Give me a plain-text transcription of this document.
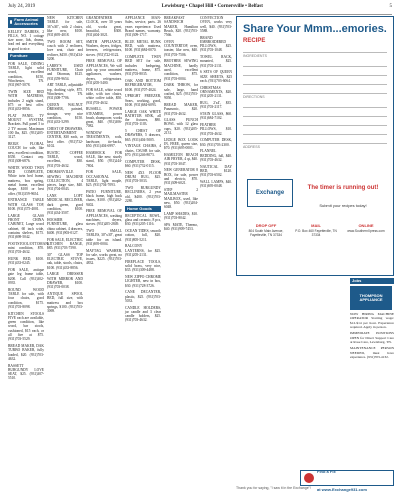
July 24, 2019	Lewisburg • Chapel Hill • Cornersville • Belfast	5
Farm Animal Accessories
KELLEY DAIRIES, 2 FILLS, NO. 1 cottage size zone, lids, drums, lead red and everything in good to nice.
Furniture
FOR SALE, DINING TABLE, light solid wood, excellent condition, $150, Winchester, TN. (931)967-5078.
TWIN SIZE BED WITH MATRESS, includes 2 night stand, $75 or best offer. (931)433-8856.
FLAT PANEL TV MOUNT SYSTEM, Brackets. Full panel 5 to 2 TV mount. Maximum 100 lbs, $25. (931)205-3127.
BEIGE FLORAL COUCH for sale, like new, excellent condition, $350. Contact any. (931)308-6876.
WHITE WOOD TWIN BED COMPLETE, White twin bed frame, mattress, box spring, metal frame, excellent shape, $100 or best offer. (931)359-9654.
ENTRANCE TABLE WITH GLASS TOP, $100. (931)375-4001.
LARGE GLASS FRONT CHINA CABINET, Large wood cabinet, 60 inch wide, contains shelves, $175. (931)698-5042.
FOOTSTOOL/OTTOMAN, mint condition, $70. (931)703-4632.
HUNK BED, $100. (931)433-0245.
FOR SALE, antique gate leg frame table, $200. Call (931)302-0935.
ROUND WOOD TABLE for sale, with four chairs, good condition, $175. (931)703-8098.
KITCHEN STOOLS FIVE each are available, green condition, like wood, bar stools, cushioned, $15 each, or all five at $75. (931)703-5529.
BREAD MAKER, DAK TURBO BAKER, fully loaded, $20. (931)703-4632.
BASSETT BURGUNDY LOVE SEAT, $25. (931)307-5510.
NEW KITCHEN TABLE for sale, 36"x36", with 2 chairs, like new, $100. (931)695-4018.
TWO ROOM SET, couch with 2 recliners, love seat, chair and recliner, $450. (931)434-5200.
LARRY'S USED FURNITURE, Chair and Ottoman, $125. (931)359-9654.
ART TABLE, adjustable top, drafting style, $75. Winchester, TN. (931)308-7706.
QUEEN WALNUT DRESSER, painted, storage, very nice condition, $150. (931)433-5299.
CHEST OF DRAWERS, ENTERTAINMENT CENTER, $30 each, or best offer. (931)732-6102.
RUSTIC COFFEE TABLE, wood, excellent, $30. (931)703-4632.
DROMANVILLE SEWING MACHINE COLLECTION, 4 pieces, large size, $40. (931)704-0043.
LANE LOFT MEDICAL RECLINER, dark green, good condition, $100. (931)434-3507.
HOOSIER FURNITURE, glass china cabinet, 4 drawers, $400. (931)903-0127.
FOR SALE, ELECTRIC KITCHEN RANGE, $85. (931)703-7590.
30" GLASS TOP ELECTRIC STOVE, oak, table, stools, chairs, $100. (931)433-8856.
LARGE DRESSER WITH MIRROR AND DRAWER, $100. (931)703-0038.
ANTIQUE SPOOL BED, full size, with mattress and box springs, $100. (931)703-3069.
GRANDFATHER CLOCK, over 30 years old, works great, beautiful, $300. (931)404-3021.
SMITH APPLIANCE, Washers, dryers, fridges, freezers, refrigerators, stoves. (931)722-0122.
FREE REMOVAL OF APPLIANCES, We will pick up your unwanted appliances, washers, dryers, refrigerators. (931)205-5400.
FOR SALE, white wood table, with two chairs, white coffee table, $50. (931)703-4632.
RUSSELL POWER STEAMER, power brush, shampooer, works great, $40. (931)306-7082.
WINDOW TREATMENTS, rods, hardware, tie-backs, $50. (931)404-6997.
HAMMOCK FOR SALE, like new, sturdy stand, $50. (931)244-7804.
FOR SALE, OCCASIONAL TABLE, light maple, $25. (931)704-7093.
PATIO FURNITURE, black frame, high back chairs, $100. (931)202-9402.
FREE REMOVAL OF APPLIANCES, washing machines, dryers, stoves. (931)205-2849.
TWO SMALL TABLES, 30"x30", great table for an island. (931)695-0004.
MAYTAG WASHER, for sale, works great, no issues, $225. (931)703-4832.
APPLIANCE MAN-Sales, service, parts. 26 years experience. Used Brand names, warranty. (931)309-1717.
BLUE METAL BUNK BED, with mattress, $100. (931)684-0070.
COMPLETE TWIN BED SET for sale, includes bedspring, mattress, frame, $75. (931)703-8035.
OAK AND BOTTOM REFRIGERATOR, $100. (931)707-4024.
UPRIGHT FREEZER, Sears, working, good, $100. (931)684-6093.
LARGE OAK WHITE BATHTUB SINK, all the fixtures, $80. (931)703-1103.
5 CHEST OF DRAWERS, 5 drawers, $65. (931)404-5005.
VINTAGE CHAIRS, 4 chairs, CSUSB for sale, $70. (931)246-8073.
COMPUTER DESK, $60. (931)732-0115.
NEW 4X3 FLOOR DRUM RUG, $25. (931)703-5033.
TWO BURGUNDY RECLINERS, 2 year old, $400. (931)703-2280.
Home Goods
RECEPTICAL BOWL, glass and ceramic, 8 pcs, $30. (931)205-1116.
OCEAN TIDES, smooth cotton, full, $20. (931)805-5211.
BALCONY LANTERNS, for $25. (931)205-2131.
FIREPLACE TOOLS, solid brass, very nice, $35. (931)309-4488.
NEW ZIPPO CHROME LIGHTER, new in box, $30. (931)728-3726.
CANE DECANTER, plastic, $25. (931)703-5033.
CANDLE HOLDERS, jar candle and 3 clear candle holders, $25. (931)703-4632.
BREAKFAST SANDWICH MAKER, Hamilton Beach, $20. (931)703-7566.
OVEN COUNTERTOP, oven, toaster, like new, $40. (931)703-7506.
BROTHER SEWING MACHINE, hardly used, excellent condition, $75. (931)703-0004.
DARK THROW, for sale, large, hand crafted, $25. (931)703-9050.
BREAD MAKER, Panasonic, $20. (931)703-4632.
GLASS PUNCH BOWL with 12 glass cups, $20. (931)205-2131.
LEDGE BOX LOOK IN, FREE, queen size, $70. (931)695-0001.
HAMILTON BEACH AIR FRYER, 4 qt, $40. (931)703-3047.
NEW GENERATOR 8 BOX, for sale, power and electric, $70. (931)309-6021.
STEP 2 MAILMASTER MAILBOX, used, like new, $50. (931)204-6048.
LAMP SHADES, $10. (931)703-8042.
SPA MATE, Thermo, $40. (931)909-7453.
CONVECTION OVEN, works very well, $40. (931)703-5588.
BRAND EMBROIDERED PILLOWS, $25. (931)703-1048.
TOWEL RACK, mounted, $25. (931)703-2131.
6 SETS OF QUEEN SIZE SHEETS, $25 each. (931)703-6064.
CHRISTMAS ORNAMENTS, $20. (931)205-2131.
RUG, 2'x4', $35. (931)703-2117.
STAIN GLASS, $60. (931)684-7102.
FEATHER PILLOWS, $10. (931)703-4632.
COMPUTER DESK, $30. (931)703-2300.
FLANNEL BEDDING, full, $40. (931)703-4632.
NAUTICAL DAY BED, $120. (931)703-6502.
WALL LAMPS, $40. (931)695-0048.
Share Your Mmm...emories.
RECIPE
INGREDIENTS
DIRECTIONS
ADDRESS
Exchange
The timer is running out!
Submit your recipes today!
DROP OFF
804 South Main Avenue, Fayetteville, TN 37334
MAIL
P.O. Box 460 Fayetteville, TN 37334
ONLINE
www.SouthernXpress.com
Jobs
THOMPSON APPLIANCE
NOW HIRING MACHINE OPERATOR Starting wage: $12-$14 per hour. Experience required. Apply in person.
IMMEDIATE POSITIONS OPEN for Direct Support Care at Rose Care, Lewisburg, TN.
MAINTENANCE PERSON NEEDED, must have experience. (931)703-4132.
Find a Fix
at www.Exchange931.com
Thank you for saying, "I saw it in the Exchange"!
